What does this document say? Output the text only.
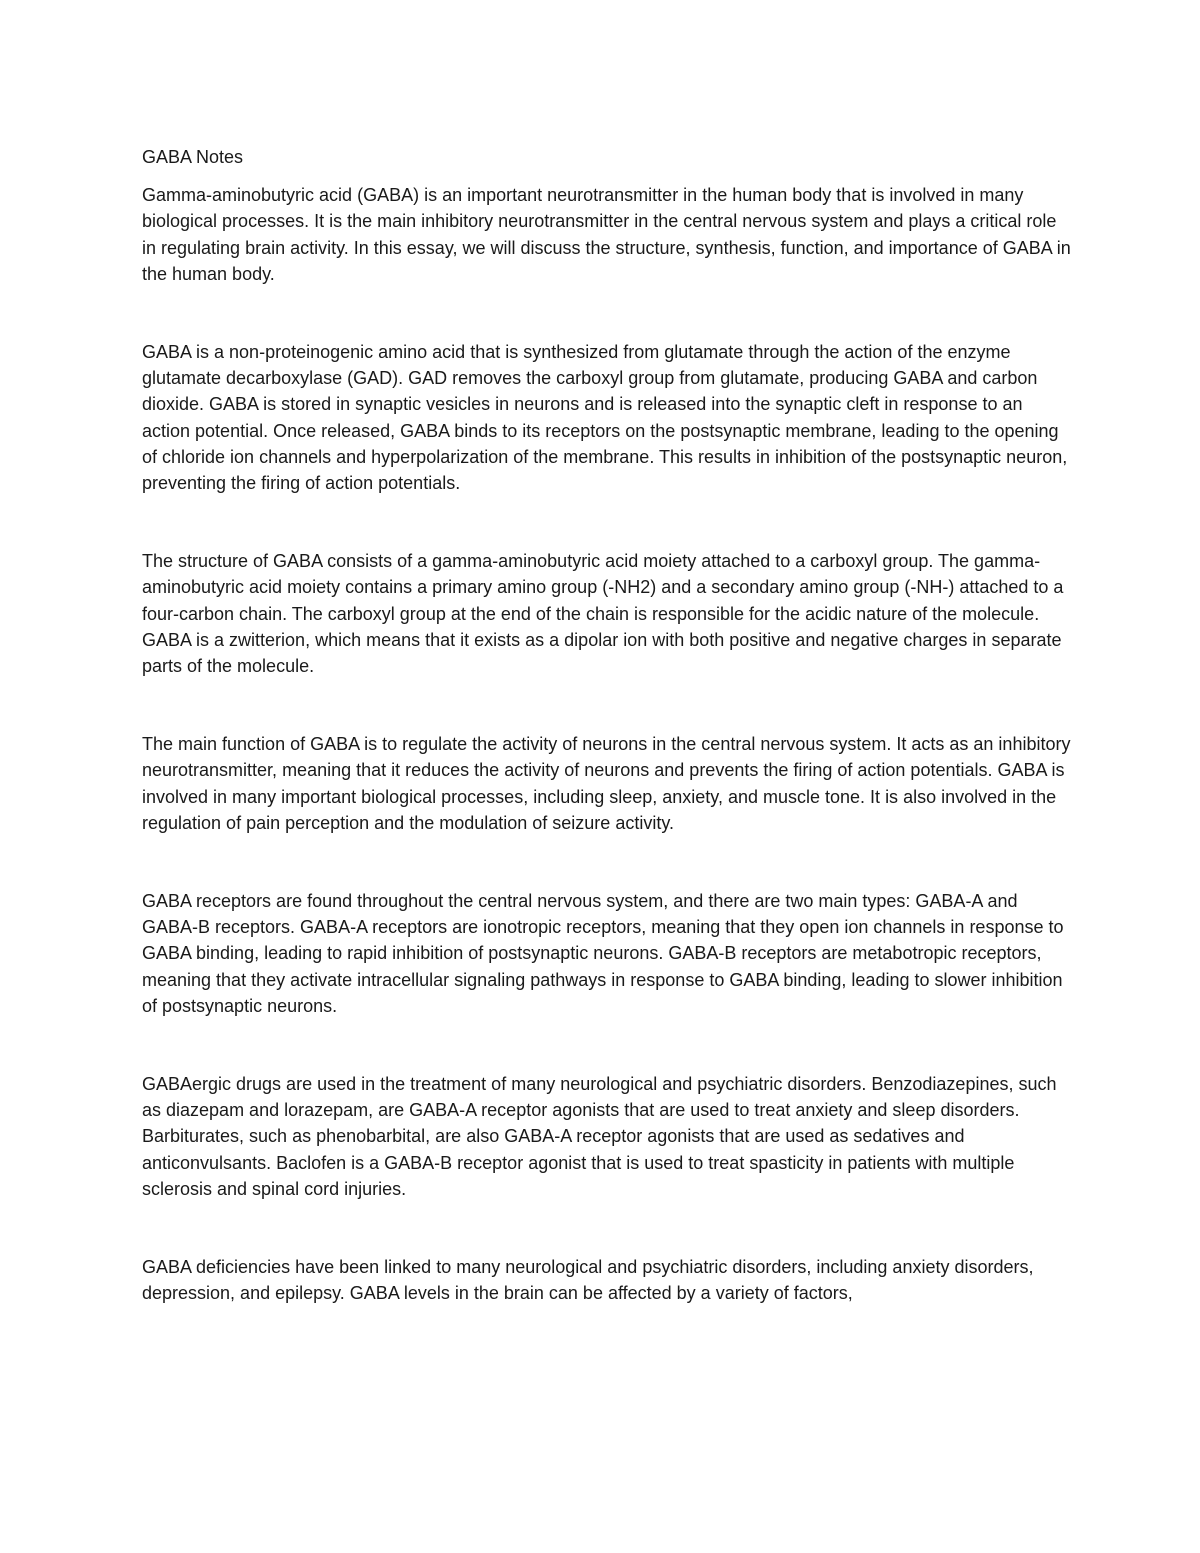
GABA Notes

Gamma-aminobutyric acid (GABA) is an important neurotransmitter in the human body that is involved in many biological processes. It is the main inhibitory neurotransmitter in the central nervous system and plays a critical role in regulating brain activity. In this essay, we will discuss the structure, synthesis, function, and importance of GABA in the human body.

GABA is a non-proteinogenic amino acid that is synthesized from glutamate through the action of the enzyme glutamate decarboxylase (GAD). GAD removes the carboxyl group from glutamate, producing GABA and carbon dioxide. GABA is stored in synaptic vesicles in neurons and is released into the synaptic cleft in response to an action potential. Once released, GABA binds to its receptors on the postsynaptic membrane, leading to the opening of chloride ion channels and hyperpolarization of the membrane. This results in inhibition of the postsynaptic neuron, preventing the firing of action potentials.

The structure of GABA consists of a gamma-aminobutyric acid moiety attached to a carboxyl group. The gamma-aminobutyric acid moiety contains a primary amino group (-NH2) and a secondary amino group (-NH-) attached to a four-carbon chain. The carboxyl group at the end of the chain is responsible for the acidic nature of the molecule. GABA is a zwitterion, which means that it exists as a dipolar ion with both positive and negative charges in separate parts of the molecule.

The main function of GABA is to regulate the activity of neurons in the central nervous system. It acts as an inhibitory neurotransmitter, meaning that it reduces the activity of neurons and prevents the firing of action potentials. GABA is involved in many important biological processes, including sleep, anxiety, and muscle tone. It is also involved in the regulation of pain perception and the modulation of seizure activity.

GABA receptors are found throughout the central nervous system, and there are two main types: GABA-A and GABA-B receptors. GABA-A receptors are ionotropic receptors, meaning that they open ion channels in response to GABA binding, leading to rapid inhibition of postsynaptic neurons. GABA-B receptors are metabotropic receptors, meaning that they activate intracellular signaling pathways in response to GABA binding, leading to slower inhibition of postsynaptic neurons.

GABAergic drugs are used in the treatment of many neurological and psychiatric disorders. Benzodiazepines, such as diazepam and lorazepam, are GABA-A receptor agonists that are used to treat anxiety and sleep disorders. Barbiturates, such as phenobarbital, are also GABA-A receptor agonists that are used as sedatives and anticonvulsants. Baclofen is a GABA-B receptor agonist that is used to treat spasticity in patients with multiple sclerosis and spinal cord injuries.

GABA deficiencies have been linked to many neurological and psychiatric disorders, including anxiety disorders, depression, and epilepsy. GABA levels in the brain can be affected by a variety of factors,
